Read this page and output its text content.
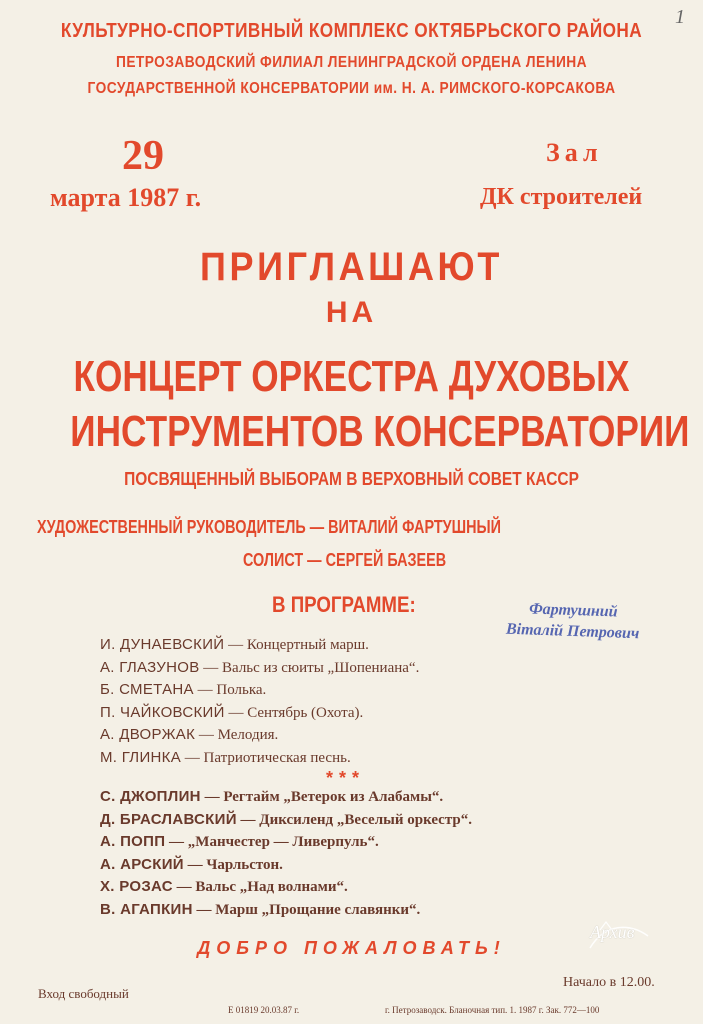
1
КУЛЬТУРНО-СПОРТИВНЫЙ КОМПЛЕКС ОКТЯБРЬСКОГО РАЙОНА
ПЕТРОЗАВОДСКИЙ ФИЛИАЛ ЛЕНИНГРАДСКОЙ ОРДЕНА ЛЕНИНА
ГОСУДАРСТВЕННОЙ КОНСЕРВАТОРИИ им. Н. А. РИМСКОГО-КОРСАКОВА
29
марта 1987 г.
Зал
ДК строителей
ПРИГЛАШАЮТ
НА
КОНЦЕРТ ОРКЕСТРА ДУХОВЫХ
ИНСТРУМЕНТОВ КОНСЕРВАТОРИИ
ПОСВЯЩЕННЫЙ ВЫБОРАМ В ВЕРХОВНЫЙ СОВЕТ КАССР
ХУДОЖЕСТВЕННЫЙ РУКОВОДИТЕЛЬ — ВИТАЛИЙ ФАРТУШНЫЙ
СОЛИСТ — СЕРГЕЙ БАЗЕЕВ
В ПРОГРАММЕ:	Фартушний
Віталій Петрович
И. ДУНАЕВСКИЙ — Концертный марш.
А. ГЛАЗУНОВ — Вальс из сюиты „Шопениана“.
Б. СМЕТАНА — Полька.
П. ЧАЙКОВСКИЙ — Сентябрь (Охота).
А. ДВОРЖАК — Мелодия.
М. ГЛИНКА — Патриотическая песнь.
***
С. ДЖОПЛИН — Регтайм „Ветерок из Алабамы“.
Д. БРАСЛАВСКИЙ — Диксиленд „Веселый оркестр“.
А. ПОПП — „Манчестер — Ливерпуль“.
А. АРСКИЙ — Чарльстон.
Х. РОЗАС — Вальс „Над волнами“.
В. АГАПКИН — Марш „Прощание славянки“.
ДОБРО ПОЖАЛОВАТЬ!
Архив
Вход свободный
Начало в 12.00.
Е 01819 20.03.87 г.	г. Петрозаводск. Бланочная тип. 1. 1987 г. Зак. 772—100
